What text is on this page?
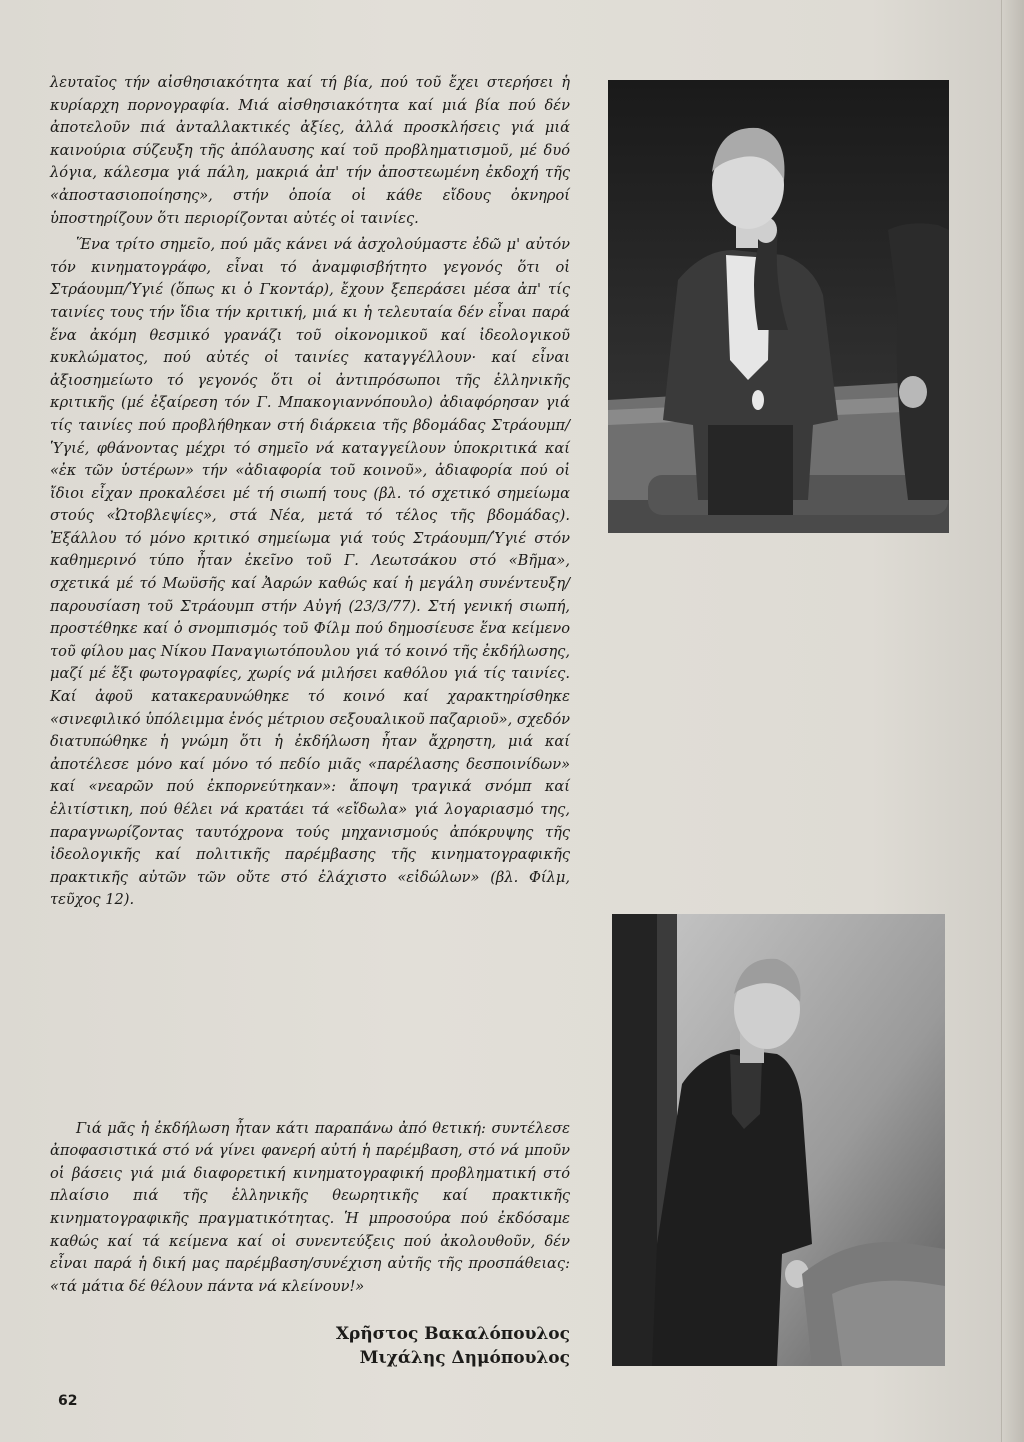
λευταῖος τήν αἰσθησιακότητα καί τή βία, πού τοῦ ἔχει στερήσει ἡ κυρίαρχη πορνογραφία. Μιά αἰσθησιακότητα καί μιά βία πού δέν ἀποτελοῦν πιά ἀνταλλακτικές ἀξίες, ἀλλά προσκλήσεις γιά μιά καινούρια σύζευξη τῆς ἀπόλαυσης καί τοῦ προβληματισμοῦ, μέ δυό λόγια, κάλεσμα γιά πάλη, μακριά ἀπ' τήν ἀποστεωμένη ἐκδοχή τῆς «ἀποστασιοποίησης», στήν ὁποία οἱ κάθε εἴδους ὀκνηροί ὑποστηρίζουν ὅτι περιορίζονται αὐτές οἱ ταινίες.

Ἕνα τρίτο σημεῖο, πού μᾶς κάνει νά ἀσχολούμαστε ἐδῶ μ' αὐτόν τόν κινηματογράφο, εἶναι τό ἀναμφισβήτητο γεγονός ὅτι οἱ Στράουμπ/Ὑγιέ (ὅπως κι ὁ Γκοντάρ), ἔχουν ξεπεράσει μέσα ἀπ' τίς ταινίες τους τήν ἴδια τήν κριτική, μιά κι ἡ τελευταία δέν εἶναι παρά ἕνα ἀκόμη θεσμικό γρανάζι τοῦ οἰκονομικοῦ καί ἰδεολογικοῦ κυκλώματος, πού αὐτές οἱ ταινίες καταγγέλλουν· καί εἶναι ἀξιοσημείωτο τό γεγονός ὅτι οἱ ἀντιπρόσωποι τῆς ἑλληνικῆς κριτικῆς (μέ ἐξαίρεση τόν Γ. Μπακογιαννόπουλο) ἀδιαφόρησαν γιά τίς ταινίες πού προβλήθηκαν στή διάρκεια τῆς βδομάδας Στράουμπ/Ὑγιέ, φθάνοντας μέχρι τό σημεῖο νά καταγγείλουν ὑποκριτικά καί «ἐκ τῶν ὑστέρων» τήν «ἀδιαφορία τοῦ κοινοῦ», ἀδιαφορία πού οἱ ἴδιοι εἶχαν προκαλέσει μέ τή σιωπή τους (βλ. τό σχετικό σημείωμα στούς «Ὠτοβλεψίες», στά Νέα, μετά τό τέλος τῆς βδομάδας). Ἐξάλλου τό μόνο κριτικό σημείωμα γιά τούς Στράουμπ/Ὑγιέ στόν καθημερινό τύπο ἦταν ἐκεῖνο τοῦ Γ. Λεωτσάκου στό «Βῆμα», σχετικά μέ τό Μωϋσῆς καί Ἀαρών καθώς καί ἡ μεγάλη συνέντευξη/παρουσίαση τοῦ Στράουμπ στήν Αὐγή (23/3/77). Στή γενική σιωπή, προστέθηκε καί ὁ σνομπισμός τοῦ Φίλμ πού δημοσίευσε ἕνα κείμενο τοῦ φίλου μας Νίκου Παναγιωτόπουλου γιά τό κοινό τῆς ἐκδήλωσης, μαζί μέ ἕξι φωτογραφίες, χωρίς νά μιλήσει καθόλου γιά τίς ταινίες. Καί ἀφοῦ κατακεραυνώθηκε τό κοινό καί χαρακτηρίσθηκε «σινεφιλικό ὑπόλειμμα ἑνός μέτριου σεξουαλικοῦ παζαριοῦ», σχεδόν διατυπώθηκε ἡ γνώμη ὅτι ἡ ἐκδήλωση ἦταν ἄχρηστη, μιά καί ἀποτέλεσε μόνο καί μόνο τό πεδίο μιᾶς «παρέλασης δεσποινίδων» καί «νεαρῶν πού ἐκπορνεύτηκαν»: ἄποψη τραγικά σνόμπ καί ἐλιτίστικη, πού θέλει νά κρατάει τά «εἴδωλα» γιά λογαριασμό της, παραγνωρίζοντας ταυτόχρονα τούς μηχανισμούς ἀπόκρυψης τῆς ἰδεολογικῆς καί πολιτικῆς παρέμβασης τῆς κινηματογραφικῆς πρακτικῆς αὐτῶν τῶν οὔτε στό ἐλάχιστο «εἰδώλων» (βλ. Φίλμ, τεῦχος 12).

Γιά μᾶς ἡ ἐκδήλωση ἦταν κάτι παραπάνω ἀπό θετική: συντέλεσε ἀποφασιστικά στό νά γίνει φανερή αὐτή ἡ παρέμβαση, στό νά μποῦν οἱ βάσεις γιά μιά διαφορετική κινηματογραφική προβληματική στό πλαίσιο πιά τῆς ἑλληνικῆς θεωρητικῆς καί πρακτικῆς κινηματογραφικῆς πραγματικότητας. Ἡ μπροσούρα πού ἐκδόσαμε καθώς καί τά κείμενα καί οἱ συνεντεύξεις πού ἀκολουθοῦν, δέν εἶναι παρά ἡ δική μας παρέμβαση/συνέχιση αὐτῆς τῆς προσπάθειας: «τά μάτια δέ θέλουν πάντα νά κλείνουν!»

Χρῆστος Βακαλόπουλος
Μιχάλης Δημόπουλος
62
